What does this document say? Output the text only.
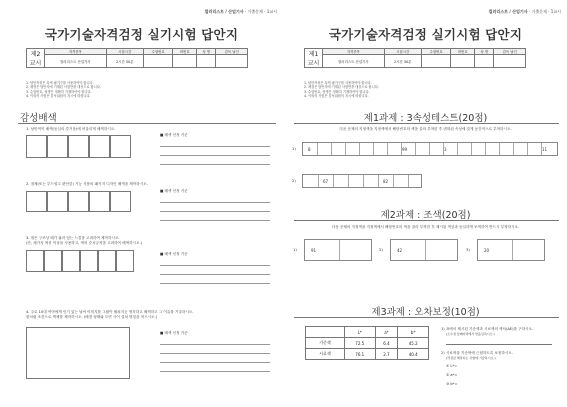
컬러리스트 / 산업기사 · 기출문제 · 1교시
국가기술자격검정 실기시험 답안지
제2교시	자격종목	시험시간	수험번호	비번호	성 명	감독 날인
	컬러리스트 산업기사	2시간 30분				
1. 답안작성은 흑색 필기구를 사용하여야 합니다.
2. 채점은 답안지에 기재된 사항만을 대상으로 합니다.
3. 수험번호, 성명은 정확히 기재하여야 합니다.
4. 이외의 사항은 감독위원의 지시에 따릅니다.
감성배색
1. 낭만적이 배색(동심의 즐거움)에 어울리게 배색하시오.
■ 배색 선정 기준
2. 절제(또는 부드럽고 편안한) 기능 식품의 패키지 디자인 배색을 제작하시오.
■ 배색 선정 기준
3. 접은 구조상 배가 흘러 덮는 느낌을 고려하여 제작하시오.
(단, 세가지 색상 이상을 사용하고, 색의 순서규칙을 고려하여 배색하시오.)
■ 배색 선정 기준
4. 주로 10대 여아에게 인기 있는 날씨 이미지를 그림이 펼쳐지듯 생각하고 배색하고 그 이유를 기술하시오.
물처럼 조건으로 색채를 제작하시오. (배경 형태와 도면 사이 설치 명칭을 적으시오.)
■ 배색 선정 기준
컬러리스트 / 산업기사 · 기출문제 · 1교시
국가기술자격검정 실기시험 답안지
제1교시	자격종목	시험시간	수험번호	비번호	성 명	감독 날인
	컬러리스트 산업기사	2시간 30분				
1. 답안작성은 흑색 필기구를 사용하여야 합니다.
2. 채점은 답안지에 기재된 사항만을 대상으로 합니다.
3. 수험번호, 성명은 정확히 기재하여야 합니다.
4. 이외의 사항은 감독위원의 지시에 따릅니다.
제1과제 : 3속성테스트(20점)
다음 문제의 지정색을 지정색에서 해당번호의 색을 골라 부착한 후 변화된 속성에 맞게 동간적으로 부착하시오.
1)	8	99	3	11
2)	67	82
제2과제 : 조색(20점)
다음 문제의 지정색을 지정색에서 해당번호의 색을 골라 부착한 후 제시된 색상과 동일하게 조색하여 반드시 부착하시오.
1)	91	2)	42	3)	20
제3과제 : 오차보정(10점)
	L*	a*	b*
기준색	72.5	6.4	45.2
시료색	76.1	2.7	40.4
1) 표에서 제시된 기준색과 시료색의 색차(ΔE)를 구하시오.
(소수점 둘째자리에서 반올림하시오.)
2) 시료색을 기준색에 근접하도록 보정하시오.
(작성값 해당되는 사항에 기술하시오.)
① L*=
② a*=
③ b*=
